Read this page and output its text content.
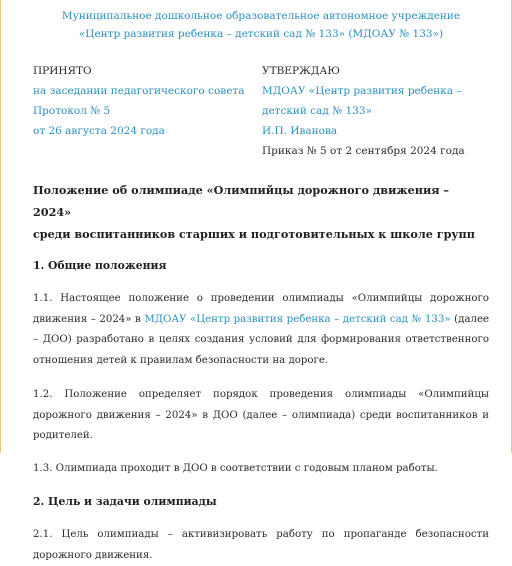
Муниципальное дошкольное образовательное автономное учреждение
«Центр развития ребенка – детский сад № 133» (МДОАУ № 133»)
ПРИНЯТО
на заседании педагогического совета
Протокол № 5
от 26 августа 2024 года
УТВЕРЖДАЮ
МДОАУ «Центр развития ребенка –
детский сад № 133»
И.П. Иванова
Приказ № 5 от 2 сентября 2024 года
Положение об олимпиаде «Олимпийцы дорожного движения – 2024»
среди воспитанников старших и подготовительных к школе групп
1. Общие положения
1.1. Настоящее положение о проведении олимпиады «Олимпийцы дорожного движения – 2024» в МДОАУ «Центр развития ребенка – детский сад № 133» (далее – ДОО) разработано в целях создания условий для формирования ответственного отношения детей к правилам безопасности на дороге.
1.2. Положение определяет порядок проведения олимпиады «Олимпийцы дорожного движения – 2024» в ДОО (далее – олимпиада) среди воспитанников и родителей.
1.3. Олимпиада проходит в ДОО в соответствии с годовым планом работы.
2. Цель и задачи олимпиады
2.1. Цель олимпиады – активизировать работу по пропаганде безопасности дорожного движения.
